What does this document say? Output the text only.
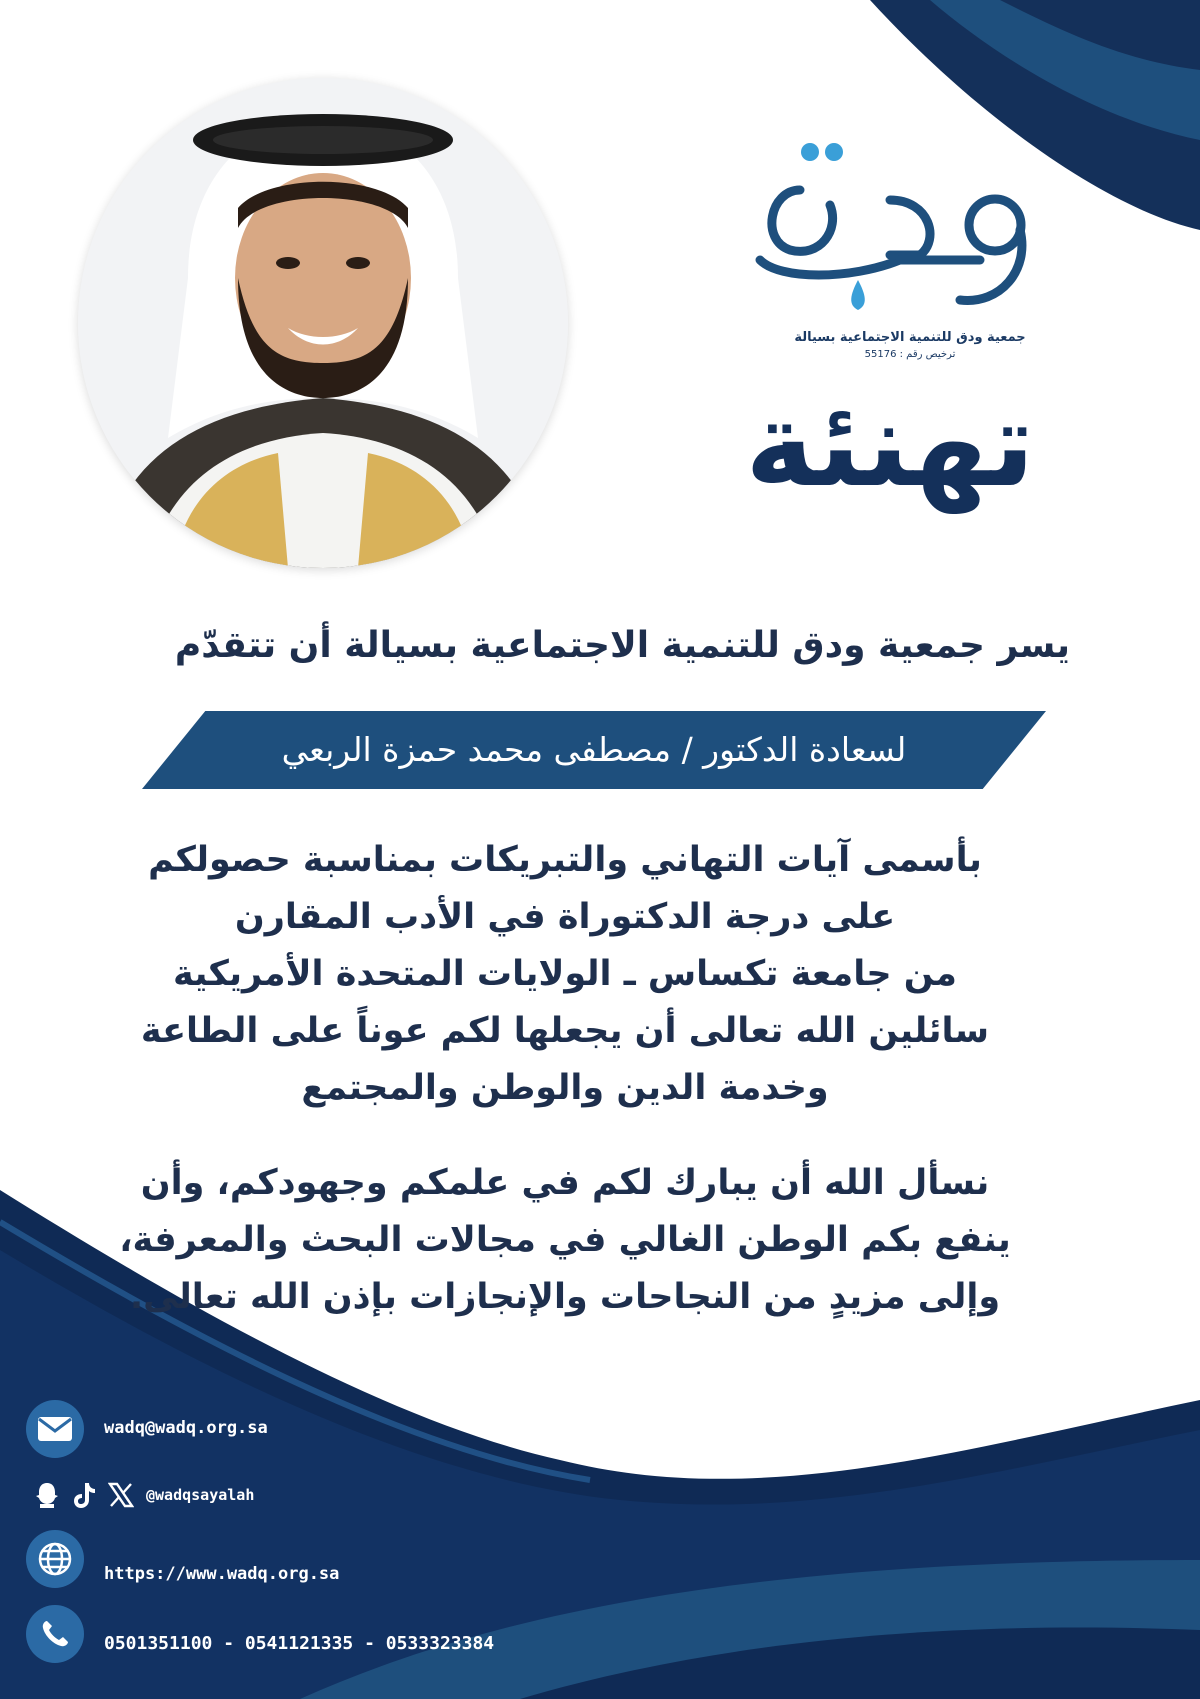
جمعية ودق للتنمية الاجتماعية بسيالة
ترخيص رقم : 55176
تهنئة
يسر جمعية ودق للتنمية الاجتماعية بسيالة أن تتقدّم
لسعادة الدكتور / مصطفى محمد حمزة الربعي
بأسمى آيات التهاني والتبريكات بمناسبة حصولكم
على درجة الدكتوراة في الأدب المقارن
من جامعة تكساس ـ الولايات المتحدة الأمريكية
سائلين الله تعالى أن يجعلها لكم عوناً على الطاعة
وخدمة الدين والوطن والمجتمع
نسأل الله أن يبارك لكم في علمكم وجهودكم، وأن
ينفع بكم الوطن الغالي في مجالات البحث والمعرفة،
وإلى مزيدٍ من النجاحات والإنجازات بإذن الله تعالى.
wadq@wadq.org.sa
@wadqsayalah
https://www.wadq.org.sa
0501351100 - 0541121335 - 0533323384
